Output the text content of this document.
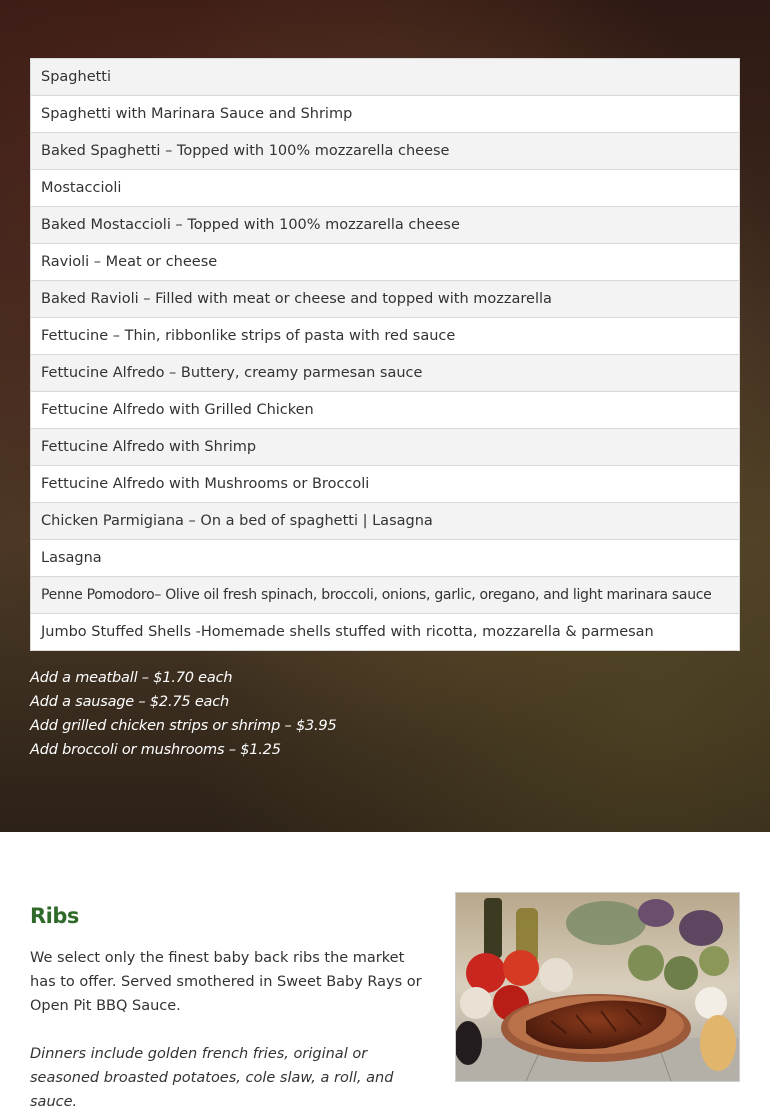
Spaghetti
Spaghetti with Marinara Sauce and Shrimp
Baked Spaghetti – Topped with 100% mozzarella cheese
Mostaccioli
Baked Mostaccioli – Topped with 100% mozzarella cheese
Ravioli – Meat or cheese
Baked Ravioli – Filled with meat or cheese and topped with mozzarella
Fettucine – Thin, ribbonlike strips of pasta with red sauce
Fettucine Alfredo – Buttery, creamy parmesan sauce
Fettucine Alfredo with Grilled Chicken
Fettucine Alfredo with Shrimp
Fettucine Alfredo with Mushrooms or Broccoli
Chicken Parmigiana – On a bed of spaghetti | Lasagna
Lasagna
Penne Pomodoro– Olive oil fresh spinach, broccoli, onions, garlic, oregano, and light marinara sauce
Jumbo Stuffed Shells -Homemade shells stuffed with ricotta, mozzarella & parmesan
Add a meatball – $1.70 each
Add a sausage – $2.75 each
Add grilled chicken strips or shrimp – $3.95
Add broccoli or mushrooms – $1.25
Ribs

We select only the finest baby back ribs the market has to offer. Served smothered in Sweet Baby Rays or Open Pit BBQ Sauce.

Dinners include golden french fries, original or seasoned broasted potatoes, cole slaw, a roll, and sauce.
